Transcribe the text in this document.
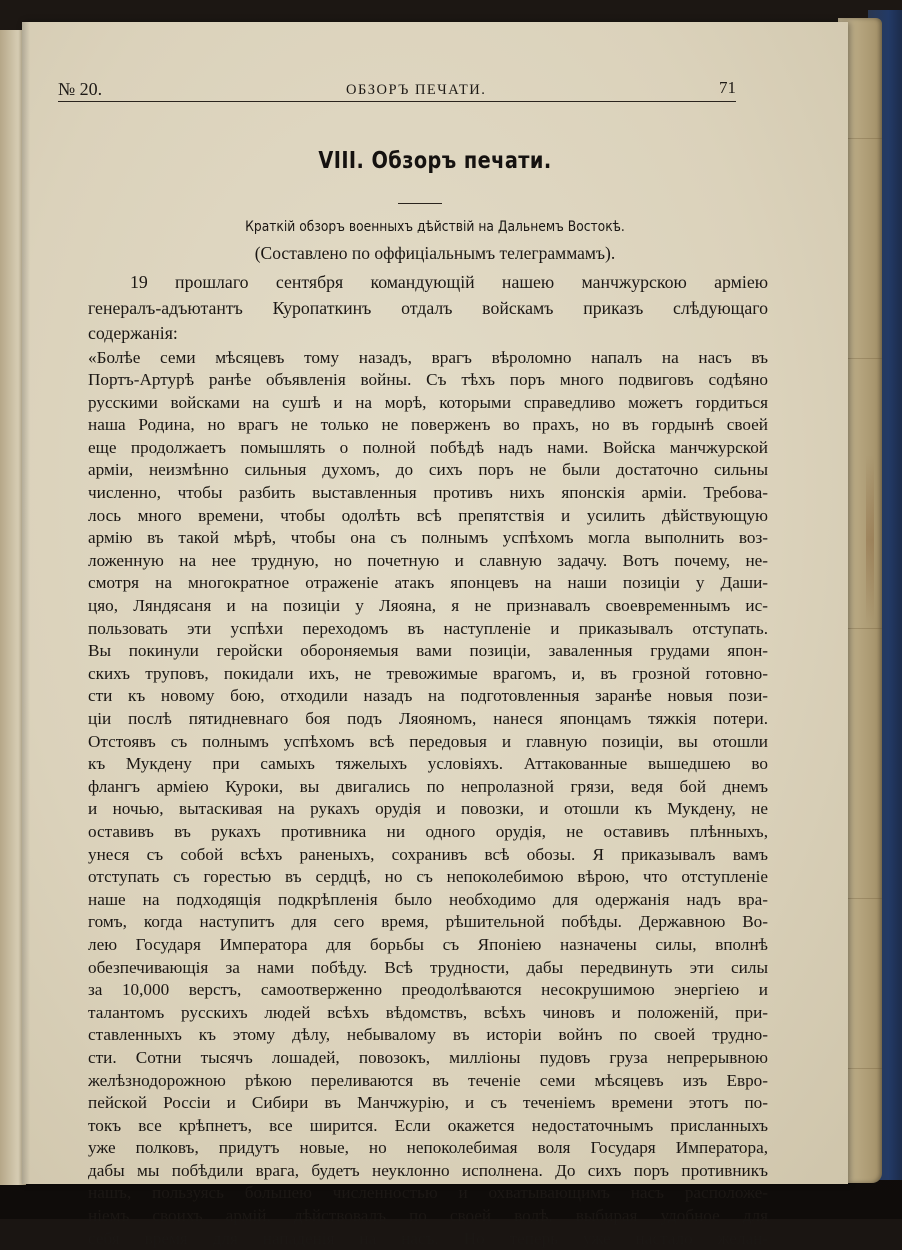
№ 20.	ОБЗОРЪ ПЕЧАТИ.	71
VIII. Обзоръ печати.
Краткій обзоръ военныхъ дѣйствій на Дальнемъ Востокѣ.
(Составлено по оффиціальнымъ телеграммамъ).
19 прошлаго сентября командующій нашею манчжурскою арміею
генералъ-адъютантъ Куропаткинъ отдалъ войскамъ приказъ слѣдующаго
содержанія:
«Болѣе семи мѣсяцевъ тому назадъ, врагъ вѣроломно напалъ на насъ въ
Портъ-Артурѣ ранѣе объявленія войны. Съ тѣхъ поръ много подвиговъ содѣяно
русскими войсками на сушѣ и на морѣ, которыми справедливо можетъ гордиться
наша Родина, но врагъ не только не поверженъ во прахъ, но въ гордынѣ своей
еще продолжаетъ помышлять о полной побѣдѣ надъ нами. Войска манчжурской
арміи, неизмѣнно сильныя духомъ, до сихъ поръ не были достаточно сильны
численно, чтобы разбить выставленныя противъ нихъ японскія арміи. Требова-
лось много времени, чтобы одолѣть всѣ препятствія и усилить дѣйствующую
армію въ такой мѣрѣ, чтобы она съ полнымъ успѣхомъ могла выполнить воз-
ложенную на нее трудную, но почетную и славную задачу. Вотъ почему, не-
смотря на многократное отраженіе атакъ японцевъ на наши позиціи у Даши-
цяо, Ляндясаня и на позиціи у Ляояна, я не признавалъ своевременнымъ ис-
пользовать эти успѣхи переходомъ въ наступленіе и приказывалъ отступать.
Вы покинули геройски обороняемыя вами позиціи, заваленныя грудами япон-
скихъ труповъ, покидали ихъ, не тревожимые врагомъ, и, въ грозной готовно-
сти къ новому бою, отходили назадъ на подготовленныя заранѣе новыя пози-
ціи послѣ пятидневнаго боя подъ Ляояномъ, нанеся японцамъ тяжкія потери.
Отстоявъ съ полнымъ успѣхомъ всѣ передовыя и главную позиціи, вы отошли
къ Мукдену при самыхъ тяжелыхъ условіяхъ. Аттакованные вышедшею во
флангъ арміею Куроки, вы двигались по непролазной грязи, ведя бой днемъ
и ночью, вытаскивая на рукахъ орудія и повозки, и отошли къ Мукдену, не
оставивъ въ рукахъ противника ни одного орудія, не оставивъ плѣнныхъ,
унеся съ собой всѣхъ раненыхъ, сохранивъ всѣ обозы. Я приказывалъ вамъ
отступать съ горестью въ сердцѣ, но съ непоколебимою вѣрою, что отступленіе
наше на подходящія подкрѣпленія было необходимо для одержанія надъ вра-
гомъ, когда наступитъ для сего время, рѣшительной побѣды. Державною Во-
лею Государя Императора для борьбы съ Японіею назначены силы, вполнѣ
обезпечивающія за нами побѣду. Всѣ трудности, дабы передвинуть эти силы
за 10,000 верстъ, самоотверженно преодолѣваются несокрушимою энергіею и
талантомъ русскихъ людей всѣхъ вѣдомствъ, всѣхъ чиновъ и положеній, при-
ставленныхъ къ этому дѣлу, небывалому въ исторіи войнъ по своей трудно-
сти. Сотни тысячъ лошадей, повозокъ, милліоны пудовъ груза непрерывною
желѣзнодорожною рѣкою переливаются въ теченіе семи мѣсяцевъ изъ Евро-
пейской Россіи и Сибири въ Манчжурію, и съ теченіемъ времени этотъ по-
токъ все крѣпнетъ, все ширится. Если окажется недостаточнымъ присланныхъ
уже полковъ, придутъ новые, но непоколебимая воля Государя Императора,
дабы мы побѣдили врага, будетъ неуклонно исполнена. До сихъ поръ противникъ
нашъ, пользуясь большею численностью и охватывающимъ насъ расположе-
ніемъ своихъ армій, дѣйствовалъ по своей волѣ, выбирая удобное для
себя время для нападенія на насъ. Но теперь уже настало желан-
